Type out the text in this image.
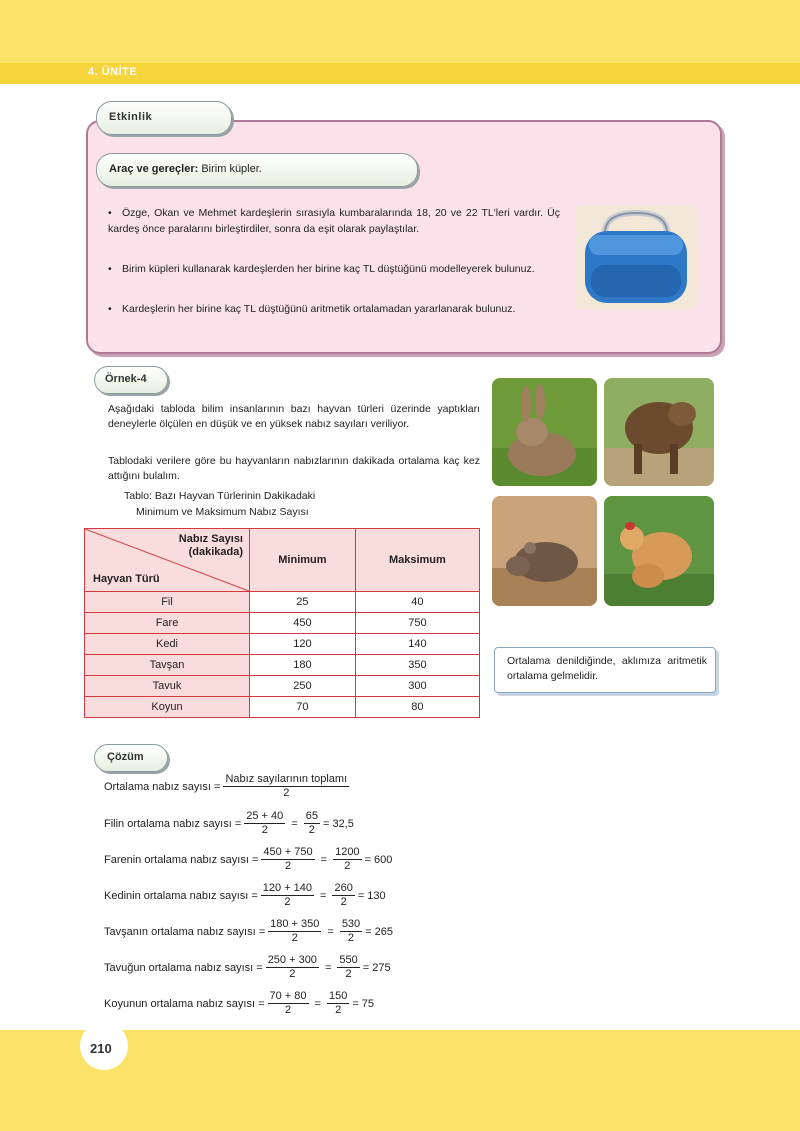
4. ÜNİTE
Etkinlik
Araç ve gereçler: Birim küpler.
• Özge, Okan ve Mehmet kardeşlerin sırasıyla kumbaralarında 18, 20 ve 22 TL'leri vardır. Üç kardeş önce paralarını birleştirdiler, sonra da eşit olarak paylaştılar.
• Birim küpleri kullanarak kardeşlerden her birine kaç TL düştüğünü modelleyerek bulunuz.
• Kardeşlerin her birine kaç TL düştüğünü aritmetik ortalamadan yararlanarak bulunuz.
Örnek-4
Aşağıdaki tabloda bilim insanlarının bazı hayvan türleri üzerinde yaptıkları deneylerle ölçülen en düşük ve en yüksek nabız sayıları veriliyor.
Tablodaki verilere göre bu hayvanların nabızlarının dakikada ortalama kaç kez attığını bulalım.
Tablo: Bazı Hayvan Türlerinin Dakikadaki
Minimum ve Maksimum Nabız Sayısı
Nabız Sayısı
(dakikada)
Hayvan Türü	Minimum	Maksimum
Fil	25	40
Fare	450	750
Kedi	120	140
Tavşan	180	350
Tavuk	250	300
Koyun	70	80
Ortalama denildiğinde, aklımıza aritmetik ortalama gelmelidir.
Çözüm
Ortalama nabız sayısı = $\frac{\text{Nabız sayılarının toplamı}}{2}$
Filin ortalama nabız sayısı = $\frac{25 + 40}{2} = \frac{65}{2} = 32,5$
Farenin ortalama nabız sayısı = $\frac{450 + 750}{2} = \frac{1200}{2} = 600$
Kedinin ortalama nabız sayısı = $\frac{120 + 140}{2} = \frac{260}{2} = 130$
Tavşanın ortalama nabız sayısı = $\frac{180 + 350}{2} = \frac{530}{2} = 265$
Tavuğun ortalama nabız sayısı = $\frac{250 + 300}{2} = \frac{550}{2} = 275$
Koyunun ortalama nabız sayısı = $\frac{70 + 80}{2} = \frac{150}{2} = 75$
210
